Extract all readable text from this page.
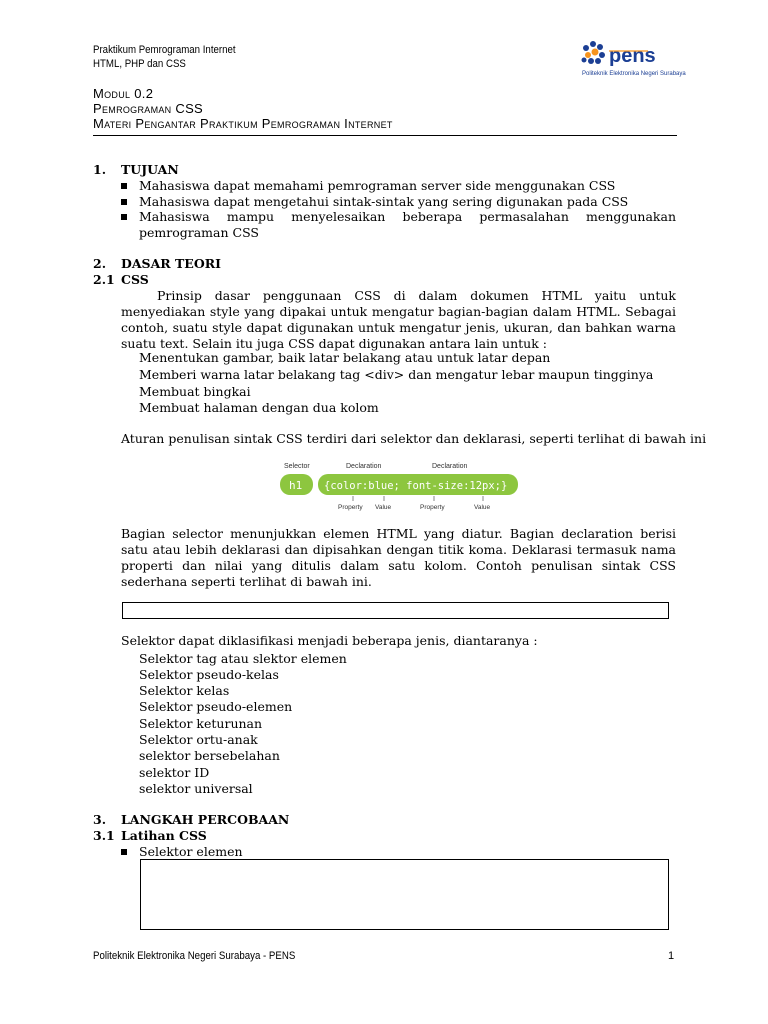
Praktikum Pemrograman Internet
HTML, PHP dan CSS	pens
Politeknik Elektronika Negeri Surabaya
Modul 0.2
Pemrograman CSS
Materi Pengantar Praktikum Pemrograman Internet
1. TUJUAN
Mahasiswa dapat memahami pemrograman server side menggunakan CSS
Mahasiswa dapat mengetahui sintak-sintak yang sering digunakan pada CSS
Mahasiswa mampu menyelesaikan beberapa permasalahan menggunakan pemrograman CSS
2. DASAR TEORI
2.1 CSS
Prinsip dasar penggunaan CSS di dalam dokumen HTML yaitu untuk menyediakan style yang dipakai untuk mengatur bagian-bagian dalam HTML. Sebagai contoh, suatu style dapat digunakan untuk mengatur jenis, ukuran, dan bahkan warna suatu text. Selain itu juga CSS dapat digunakan antara lain untuk :
Menentukan gambar, baik latar belakang atau untuk latar depan
Memberi warna latar belakang tag <div> dan mengatur lebar maupun tingginya
Membuat bingkai
Membuat halaman dengan dua kolom
Aturan penulisan sintak CSS terdiri dari selektor dan deklarasi, seperti terlihat di bawah ini
Selector	Declaration	Declaration
h1 {color:blue; font-size:12px;}
Property Value	Property	Value
Bagian selector menunjukkan elemen HTML yang diatur. Bagian declaration berisi satu atau lebih deklarasi dan dipisahkan dengan titik koma. Deklarasi termasuk nama properti dan nilai yang ditulis dalam satu kolom. Contoh penulisan sintak CSS sederhana seperti terlihat di bawah ini.
Selektor dapat diklasifikasi menjadi beberapa jenis, diantaranya :
Selektor tag atau slektor elemen
Selektor pseudo-kelas
Selektor kelas
Selektor pseudo-elemen
Selektor keturunan
Selektor ortu-anak
selektor bersebelahan
selektor ID
selektor universal
3. LANGKAH PERCOBAAN
3.1 Latihan CSS
Selektor elemen
Politeknik Elektronika Negeri Surabaya - PENS	1
